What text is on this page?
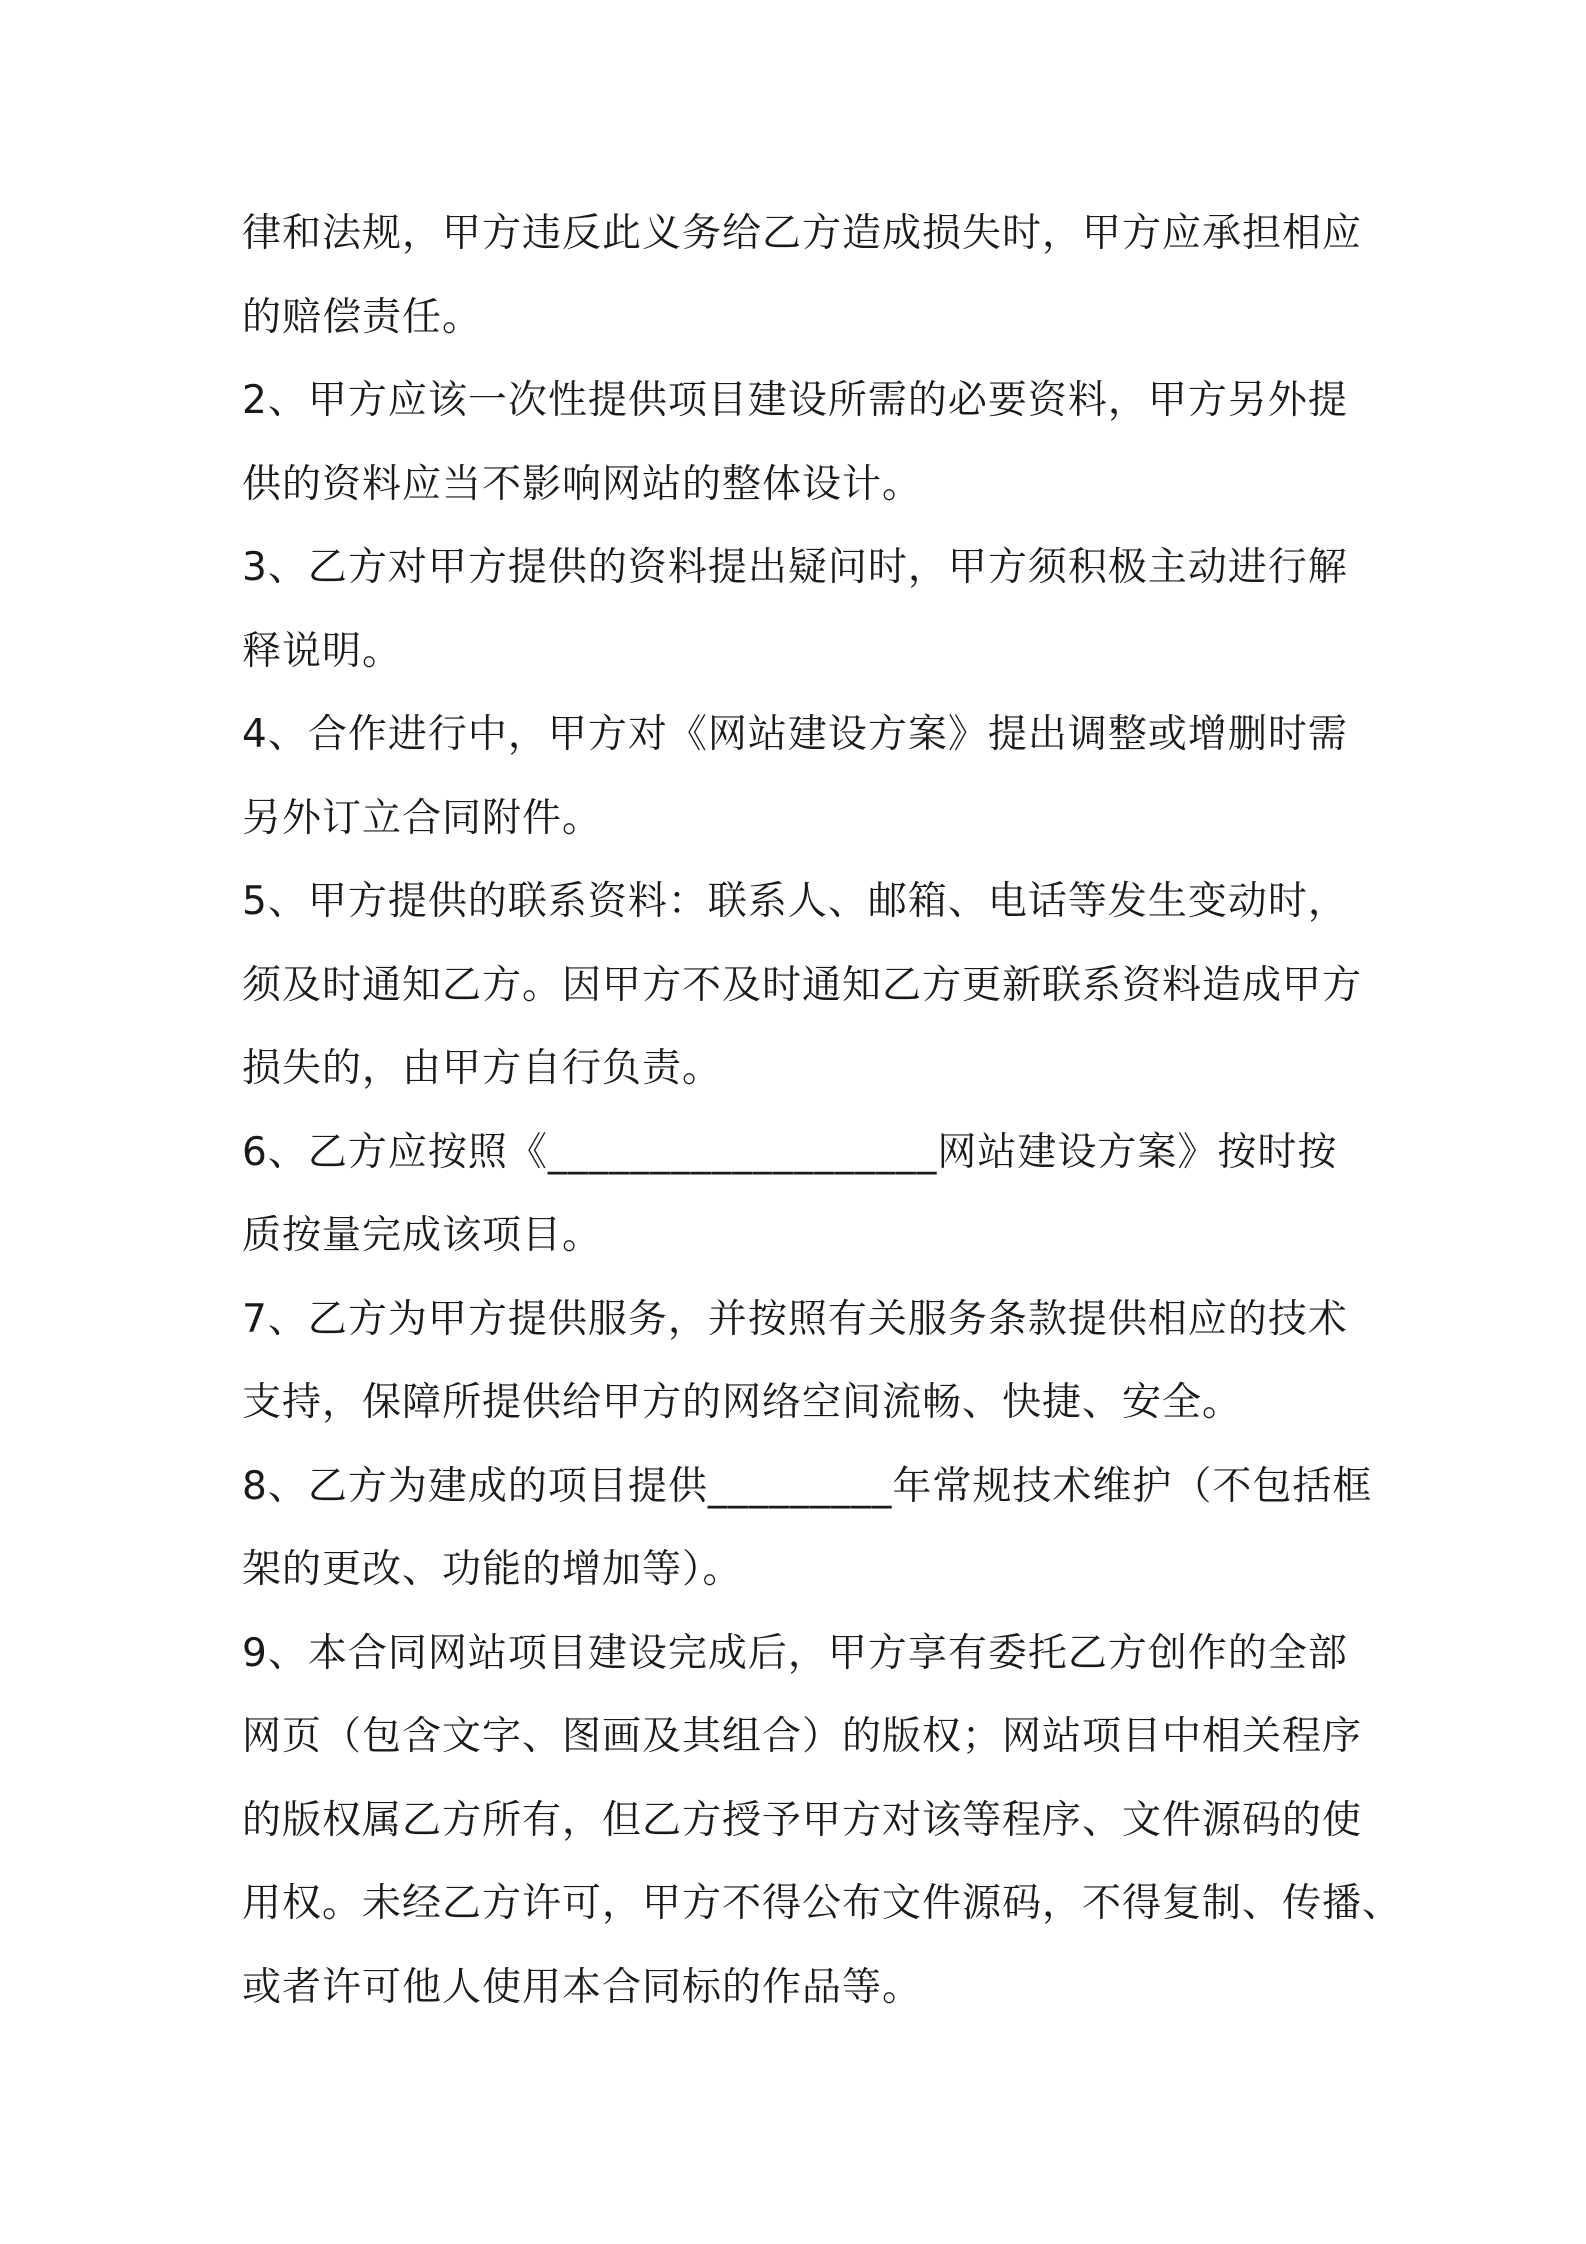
律和法规，甲方违反此义务给乙方造成损失时，甲方应承担相应
的赔偿责任。
2、甲方应该一次性提供项目建设所需的必要资料，甲方另外提
供的资料应当不影响网站的整体设计。
3、乙方对甲方提供的资料提出疑问时，甲方须积极主动进行解
释说明。
4、合作进行中，甲方对《网站建设方案》提出调整或增删时需
另外订立合同附件。
5、甲方提供的联系资料：联系人、邮箱、电话等发生变动时，
须及时通知乙方。因甲方不及时通知乙方更新联系资料造成甲方
损失的，由甲方自行负责。
6、乙方应按照《___________________网站建设方案》按时按
质按量完成该项目。
7、乙方为甲方提供服务，并按照有关服务条款提供相应的技术
支持，保障所提供给甲方的网络空间流畅、快捷、安全。
8、乙方为建成的项目提供_________年常规技术维护（不包括框
架的更改、功能的增加等）。
9、本合同网站项目建设完成后，甲方享有委托乙方创作的全部
网页（包含文字、图画及其组合）的版权；网站项目中相关程序
的版权属乙方所有，但乙方授予甲方对该等程序、文件源码的使
用权。未经乙方许可，甲方不得公布文件源码，不得复制、传播、
或者许可他人使用本合同标的作品等。
